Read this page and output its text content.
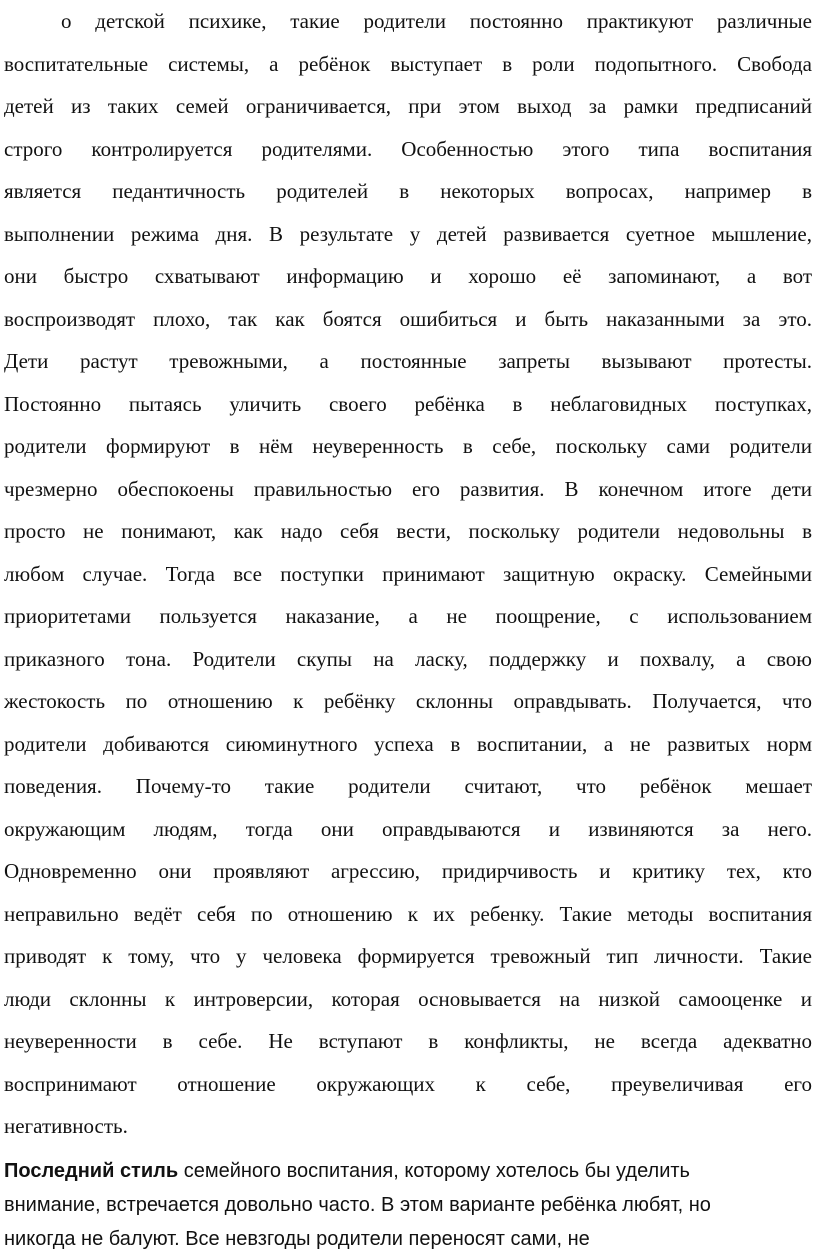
о детской психике, такие родители постоянно практикуют различные
воспитательные системы, а ребёнок выступает в роли подопытного. Свобода
детей из таких семей ограничивается, при этом выход за рамки предписаний
строго контролируется родителями. Особенностью этого типа воспитания
является педантичность родителей в некоторых вопросах, например в
выполнении режима дня. В результате у детей развивается суетное мышление,
они быстро схватывают информацию и хорошо её запоминают, а вот
воспроизводят плохо, так как боятся ошибиться и быть наказанными за это.
Дети растут тревожными, а постоянные запреты вызывают протесты.
Постоянно пытаясь уличить своего ребёнка в неблаговидных поступках,
родители формируют в нём неуверенность в себе, поскольку сами родители
чрезмерно обеспокоены правильностью его развития. В конечном итоге дети
просто не понимают, как надо себя вести, поскольку родители недовольны в
любом случае. Тогда все поступки принимают защитную окраску. Семейными
приоритетами пользуется наказание, а не поощрение, с использованием
приказного тона. Родители скупы на ласку, поддержку и похвалу, а свою
жестокость по отношению к ребёнку склонны оправдывать. Получается, что
родители добиваются сиюминутного успеха в воспитании, а не развитых норм
поведения. Почему-то такие родители считают, что ребёнок мешает
окружающим людям, тогда они оправдываются и извиняются за него.
Одновременно они проявляют агрессию, придирчивость и критику тех, кто
неправильно ведёт себя по отношению к их ребенку. Такие методы воспитания
приводят к тому, что у человека формируется тревожный тип личности. Такие
люди склонны к интроверсии, которая основывается на низкой самооценке и
неуверенности в себе. Не вступают в конфликты, не всегда адекватно
воспринимают отношение окружающих к себе, преувеличивая его
негативность.
Последний стиль семейного воспитания, которому хотелось бы уделить
внимание, встречается довольно часто. В этом варианте ребёнка любят, но
никогда не балуют. Все невзгоды родители переносят сами, не
